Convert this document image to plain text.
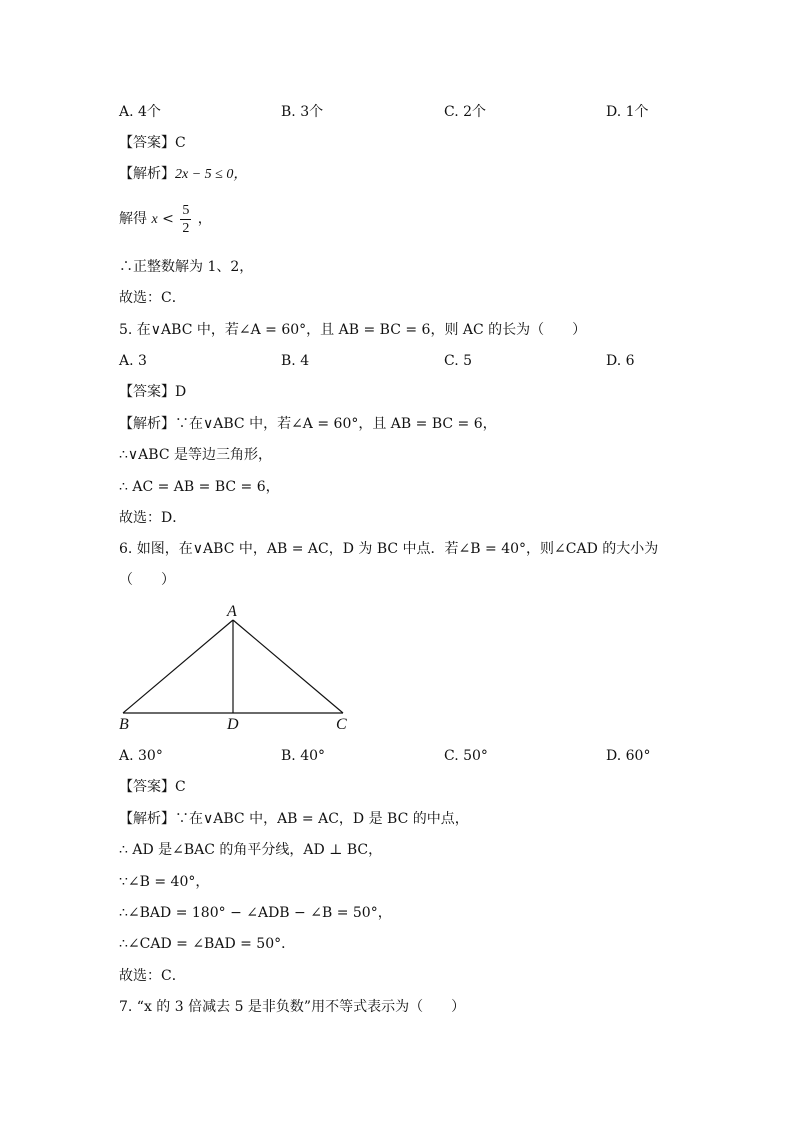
A. 4个	B. 3个	C. 2个	D. 1个
【答案】C
【解析】2x − 5 ≤ 0，
解得 $x < \frac{5}{2}$ ，
∴正整数解为 1、2，
故选：C．
5. 在∨ABC 中，若∠A = 60°，且 AB = BC = 6，则 AC 的长为（　　）
A. 3	B. 4	C. 5	D. 6
【答案】D
【解析】∵在∨ABC 中，若∠A = 60°，且 AB = BC = 6，
∴∨ABC 是等边三角形，
∴ AC = AB = BC = 6，
故选：D．
6. 如图，在∨ABC 中，AB = AC，D 为 BC 中点．若∠B = 40°，则∠CAD 的大小为
（　　）
A
B	D	C
A. 30°	B. 40°	C. 50°	D. 60°
【答案】C
【解析】∵在∨ABC 中，AB = AC，D 是 BC 的中点，
∴ AD 是∠BAC 的角平分线，AD ⊥ BC，
∵∠B = 40°，
∴∠BAD = 180° − ∠ADB − ∠B = 50°，
∴∠CAD = ∠BAD = 50°．
故选：C．
7. “x 的 3 倍减去 5 是非负数”用不等式表示为（　　）
